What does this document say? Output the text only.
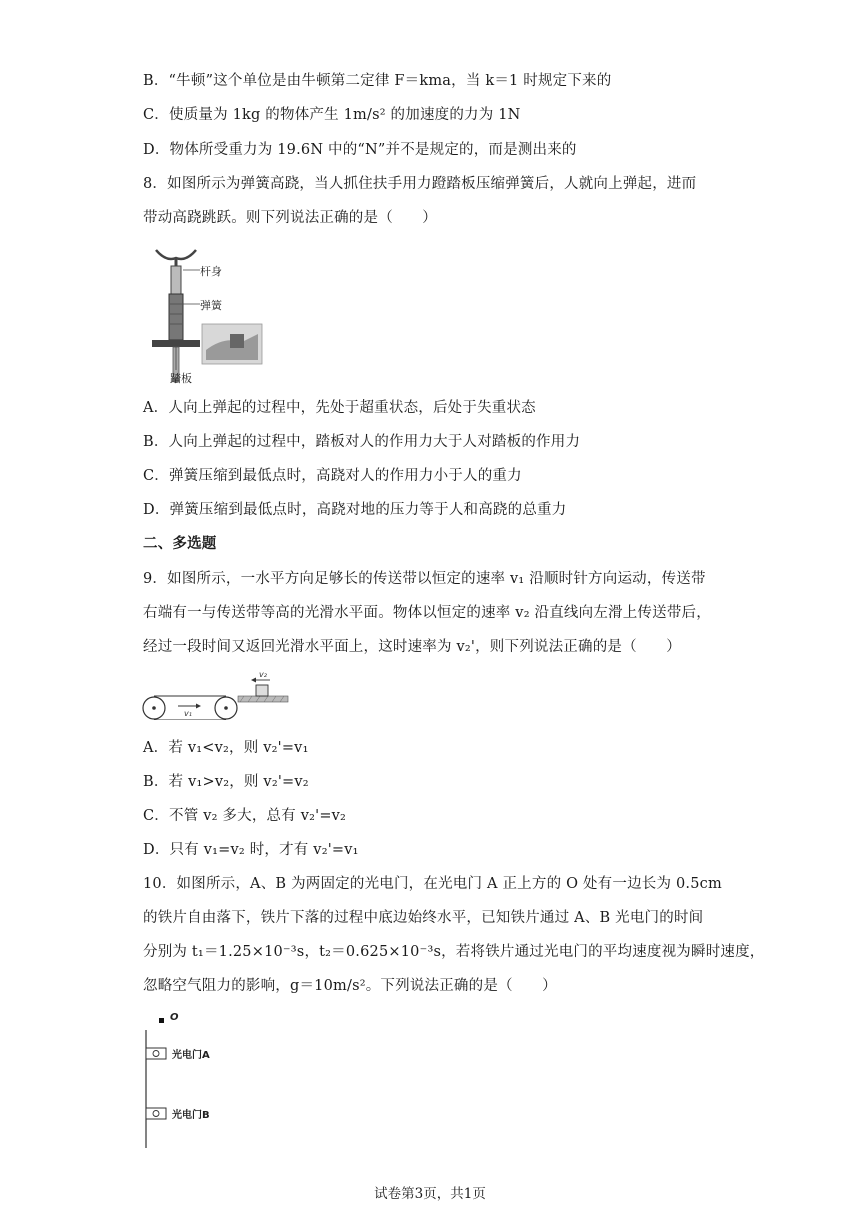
B．“牛顿”这个单位是由牛顿第二定律 F＝kma，当 k＝1 时规定下来的
C．使质量为 1kg 的物体产生 1m/s² 的加速度的力为 1N
D．物体所受重力为 19.6N 中的“N”并不是规定的，而是测出来的
8．如图所示为弹簧高跷，当人抓住扶手用力蹬踏板压缩弹簧后，人就向上弹起，进而
带动高跷跳跃。则下列说法正确的是（　　）
杆身
弹簧
踏板
A．人向上弹起的过程中，先处于超重状态，后处于失重状态
B．人向上弹起的过程中，踏板对人的作用力大于人对踏板的作用力
C．弹簧压缩到最低点时，高跷对人的作用力小于人的重力
D．弹簧压缩到最低点时，高跷对地的压力等于人和高跷的总重力
二、多选题
9．如图所示，一水平方向足够长的传送带以恒定的速率 v₁ 沿顺时针方向运动，传送带
右端有一与传送带等高的光滑水平面。物体以恒定的速率 v₂ 沿直线向左滑上传送带后，
经过一段时间又返回光滑水平面上，这时速率为 v₂'，则下列说法正确的是（　　）
v₁
v₂
A．若 v₁<v₂，则 v₂'=v₁
B．若 v₁>v₂，则 v₂'=v₂
C．不管 v₂ 多大，总有 v₂'=v₂
D．只有 v₁=v₂ 时，才有 v₂'=v₁
10．如图所示，A、B 为两固定的光电门，在光电门 A 正上方的 O 处有一边长为 0.5cm
的铁片自由落下，铁片下落的过程中底边始终水平，已知铁片通过 A、B 光电门的时间
分别为 t₁＝1.25×10⁻³s，t₂＝0.625×10⁻³s，若将铁片通过光电门的平均速度视为瞬时速度，
忽略空气阻力的影响，g＝10m/s²。下列说法正确的是（　　）
O
光电门A
光电门B
试卷第3页，共1页
